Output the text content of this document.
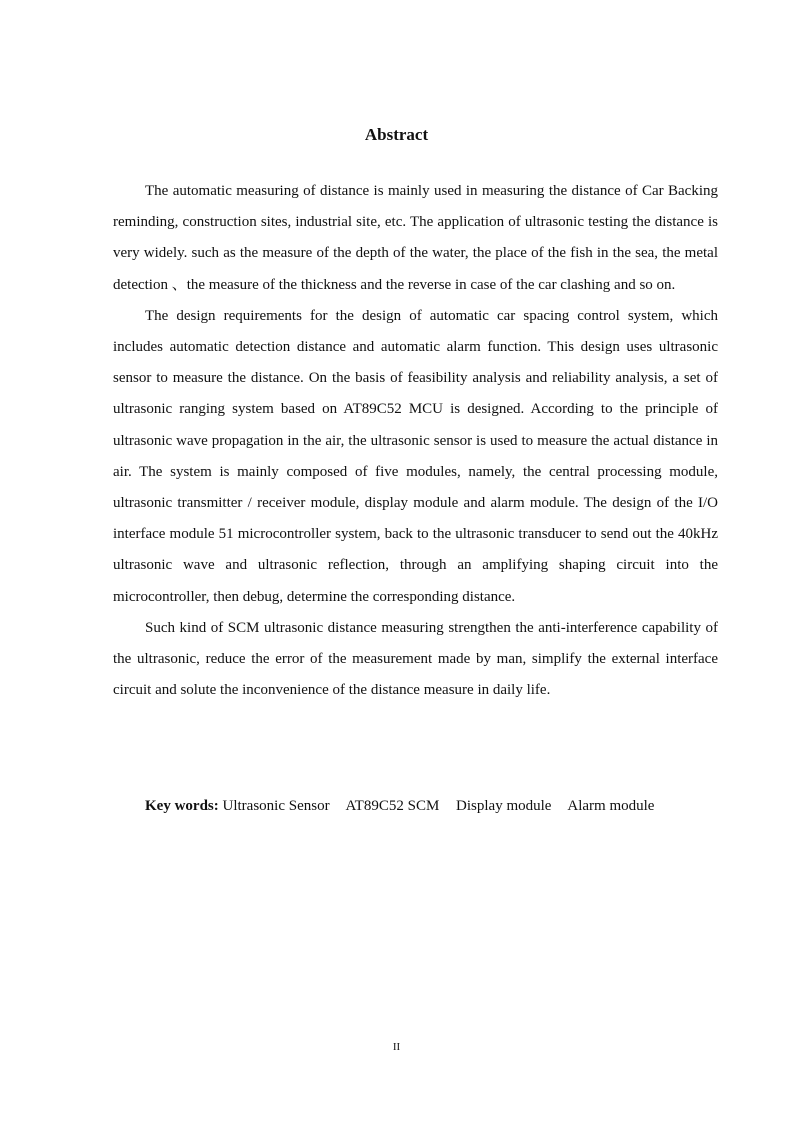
Abstract

The automatic measuring of distance is mainly used in measuring the distance of Car Backing reminding, construction sites, industrial site, etc. The application of ultrasonic testing the distance is very widely. such as the measure of the depth of the water, the place of the fish in the sea, the metal detection 、the measure of the thickness and the reverse in case of the car clashing and so on.

The design requirements for the design of automatic car spacing control system, which includes automatic detection distance and automatic alarm function. This design uses ultrasonic sensor to measure the distance. On the basis of feasibility analysis and reliability analysis, a set of ultrasonic ranging system based on AT89C52 MCU is designed. According to the principle of ultrasonic wave propagation in the air, the ultrasonic sensor is used to measure the actual distance in air. The system is mainly composed of five modules, namely, the central processing module, ultrasonic transmitter / receiver module, display module and alarm module. The design of the I/O interface module 51 microcontroller system, back to the ultrasonic transducer to send out the 40kHz ultrasonic wave and ultrasonic reflection, through an amplifying shaping circuit into the microcontroller, then debug, determine the corresponding distance.

Such kind of SCM ultrasonic distance measuring strengthen the anti-interference capability of the ultrasonic, reduce the error of the measurement made by man, simplify the external interface circuit and solute the inconvenience of the distance measure in daily life.

Key words: Ultrasonic Sensor AT89C52 SCM Display module Alarm module
II
